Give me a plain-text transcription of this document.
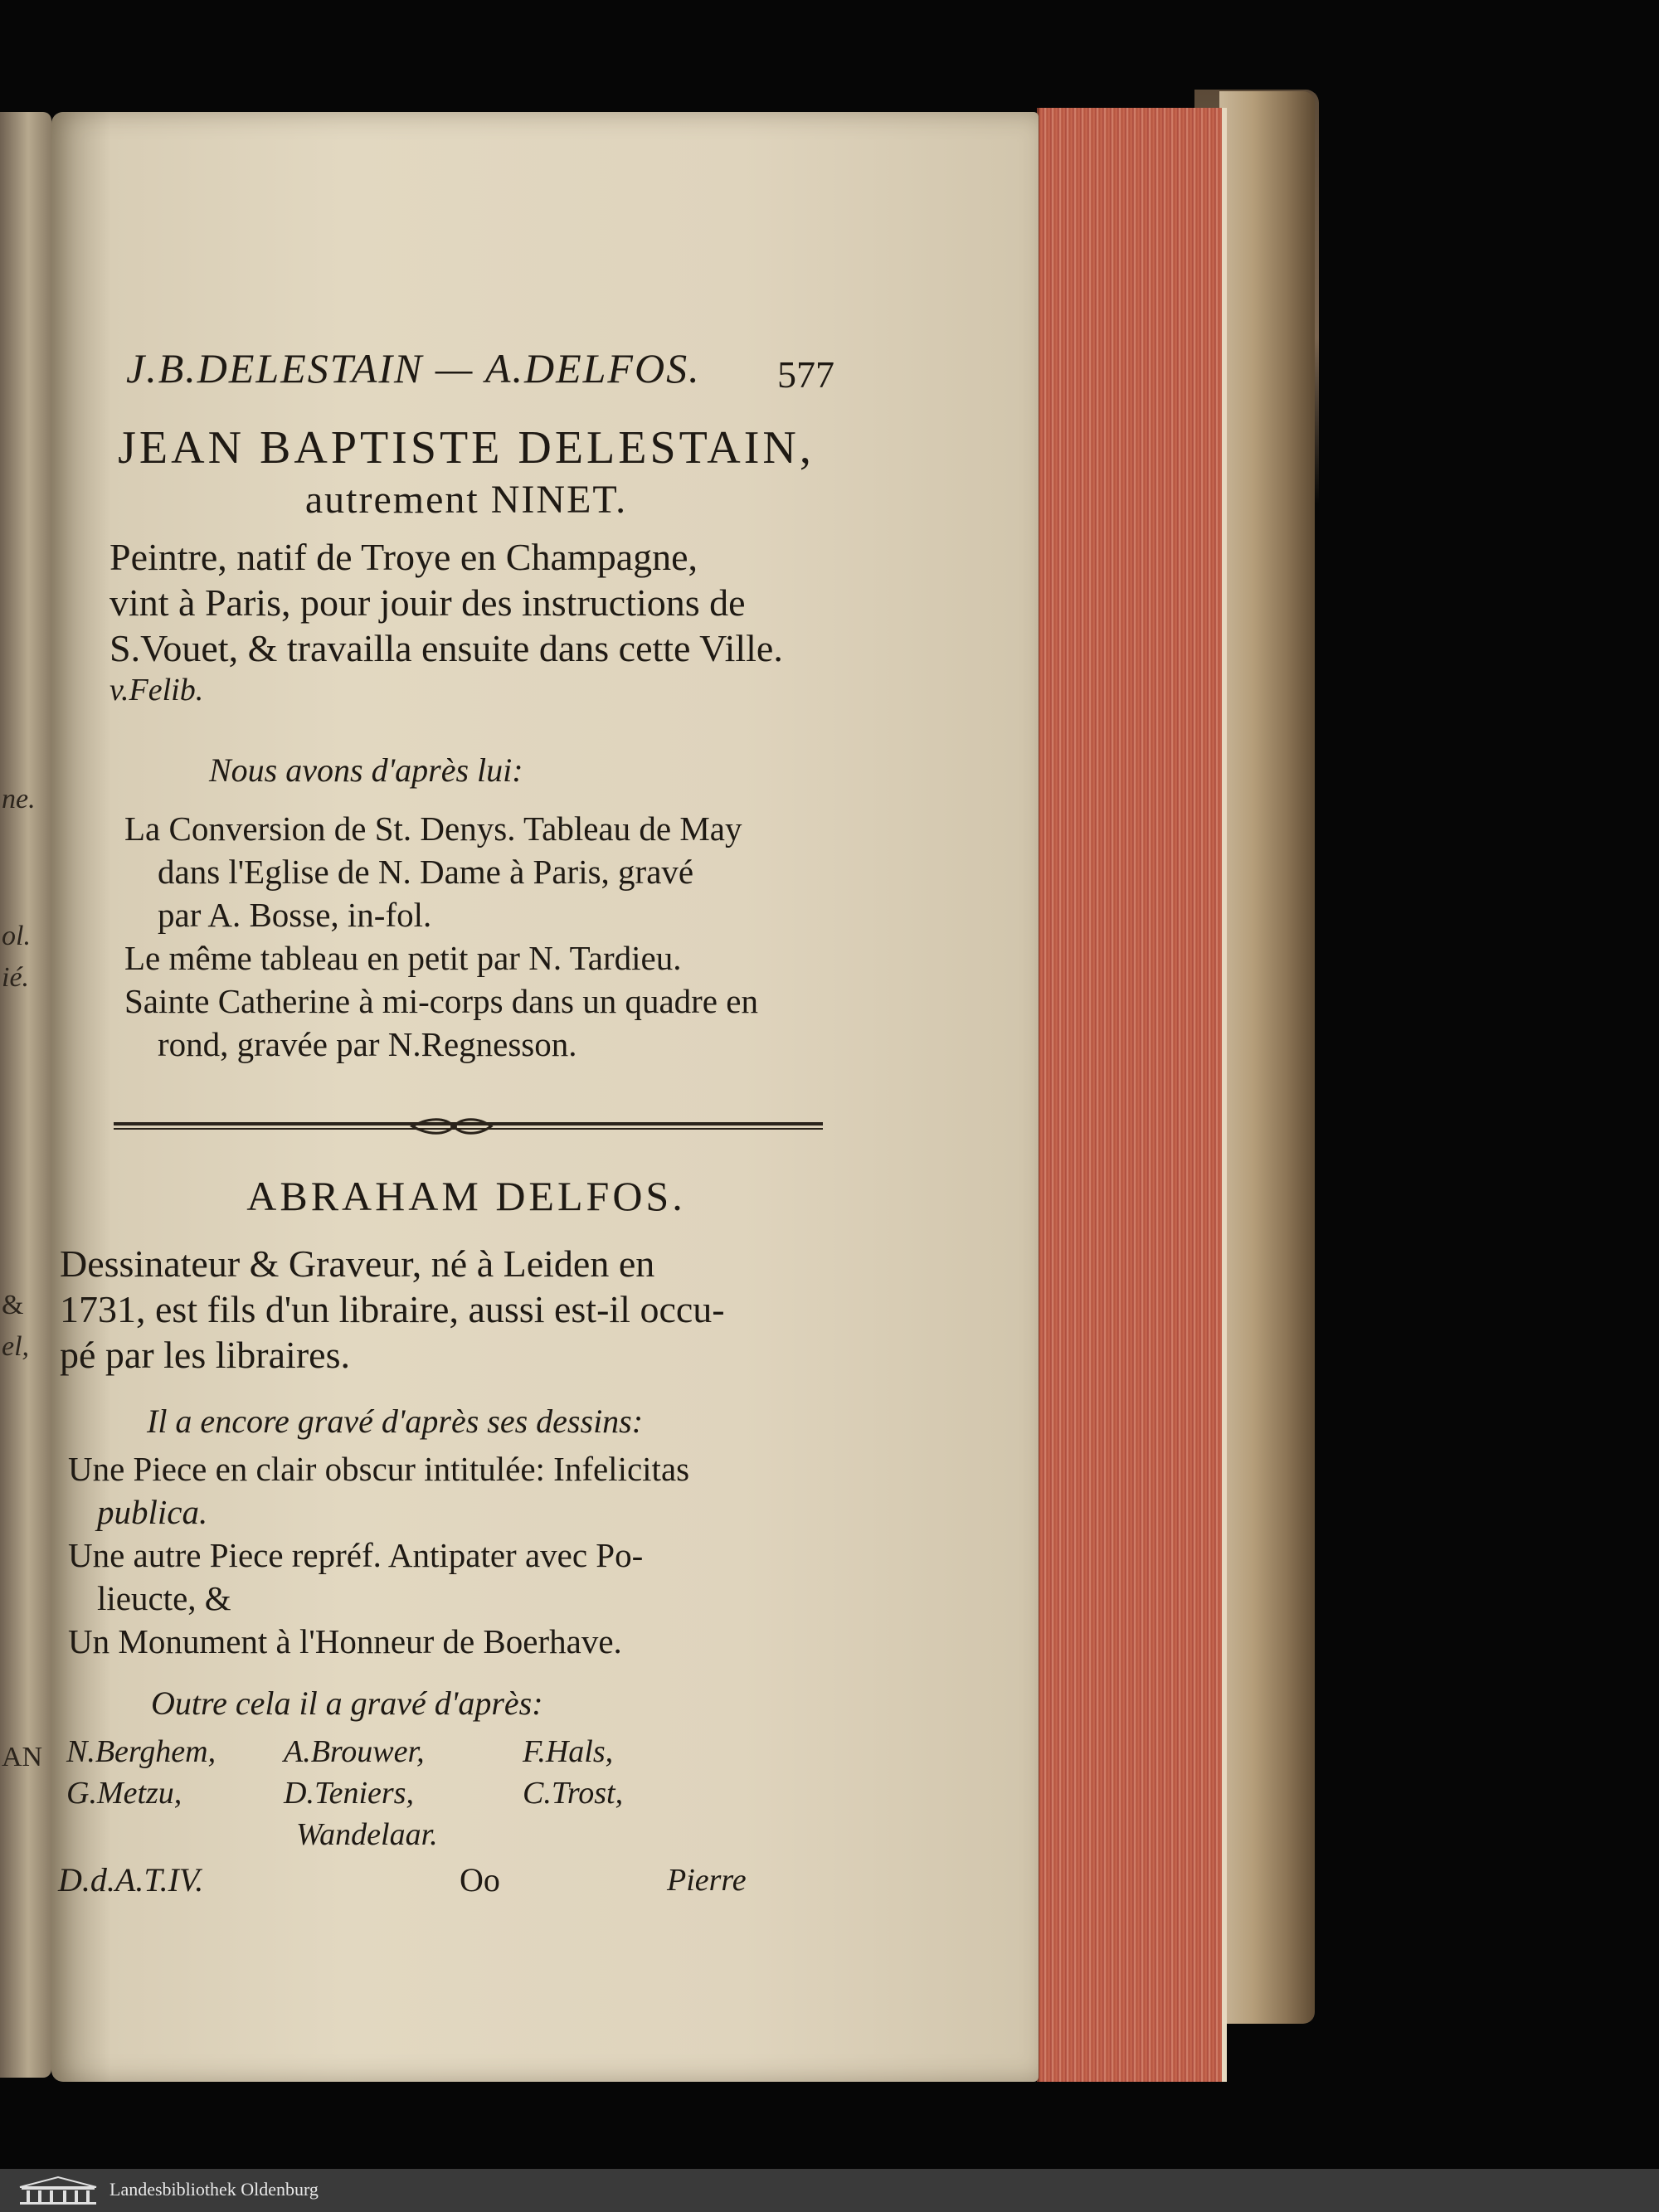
ne.
ol.
ié.
&
el,
AN
J.B.DELESTAIN — A.DELFOS. 577
JEAN BAPTISTE DELESTAIN,
autrement NINET.
Peintre, natif de Troye en Champagne,
vint à Paris, pour jouir des instructions de
S.Vouet, & travailla ensuite dans cette Ville.
v.Felib.
Nous avons d'après lui:
La Conversion de St. Denys. Tableau de May
dans l'Eglise de N. Dame à Paris, gravé
par A. Bosse, in-fol.
Le même tableau en petit par N. Tardieu.
Sainte Catherine à mi-corps dans un quadre en
rond, gravée par N.Regnesson.
ABRAHAM DELFOS.
Dessinateur & Graveur, né à Leiden en
1731, est fils d'un libraire, aussi est-il occu-
pé par les libraires.
Il a encore gravé d'après ses dessins:
Une Piece en clair obscur intitulée: Infelicitas
publica.
Une autre Piece repréf. Antipater avec Po-
lieucte, &
Un Monument à l'Honneur de Boerhave.
Outre cela il a gravé d'après:
N.Berghem, A.Brouwer,	F.Hals,
G.Metzu,	D.Teniers,	C.Trost,
Wandelaar.
D.d.A.T.IV.	Oo	Pierre
Landesbibliothek Oldenburg
